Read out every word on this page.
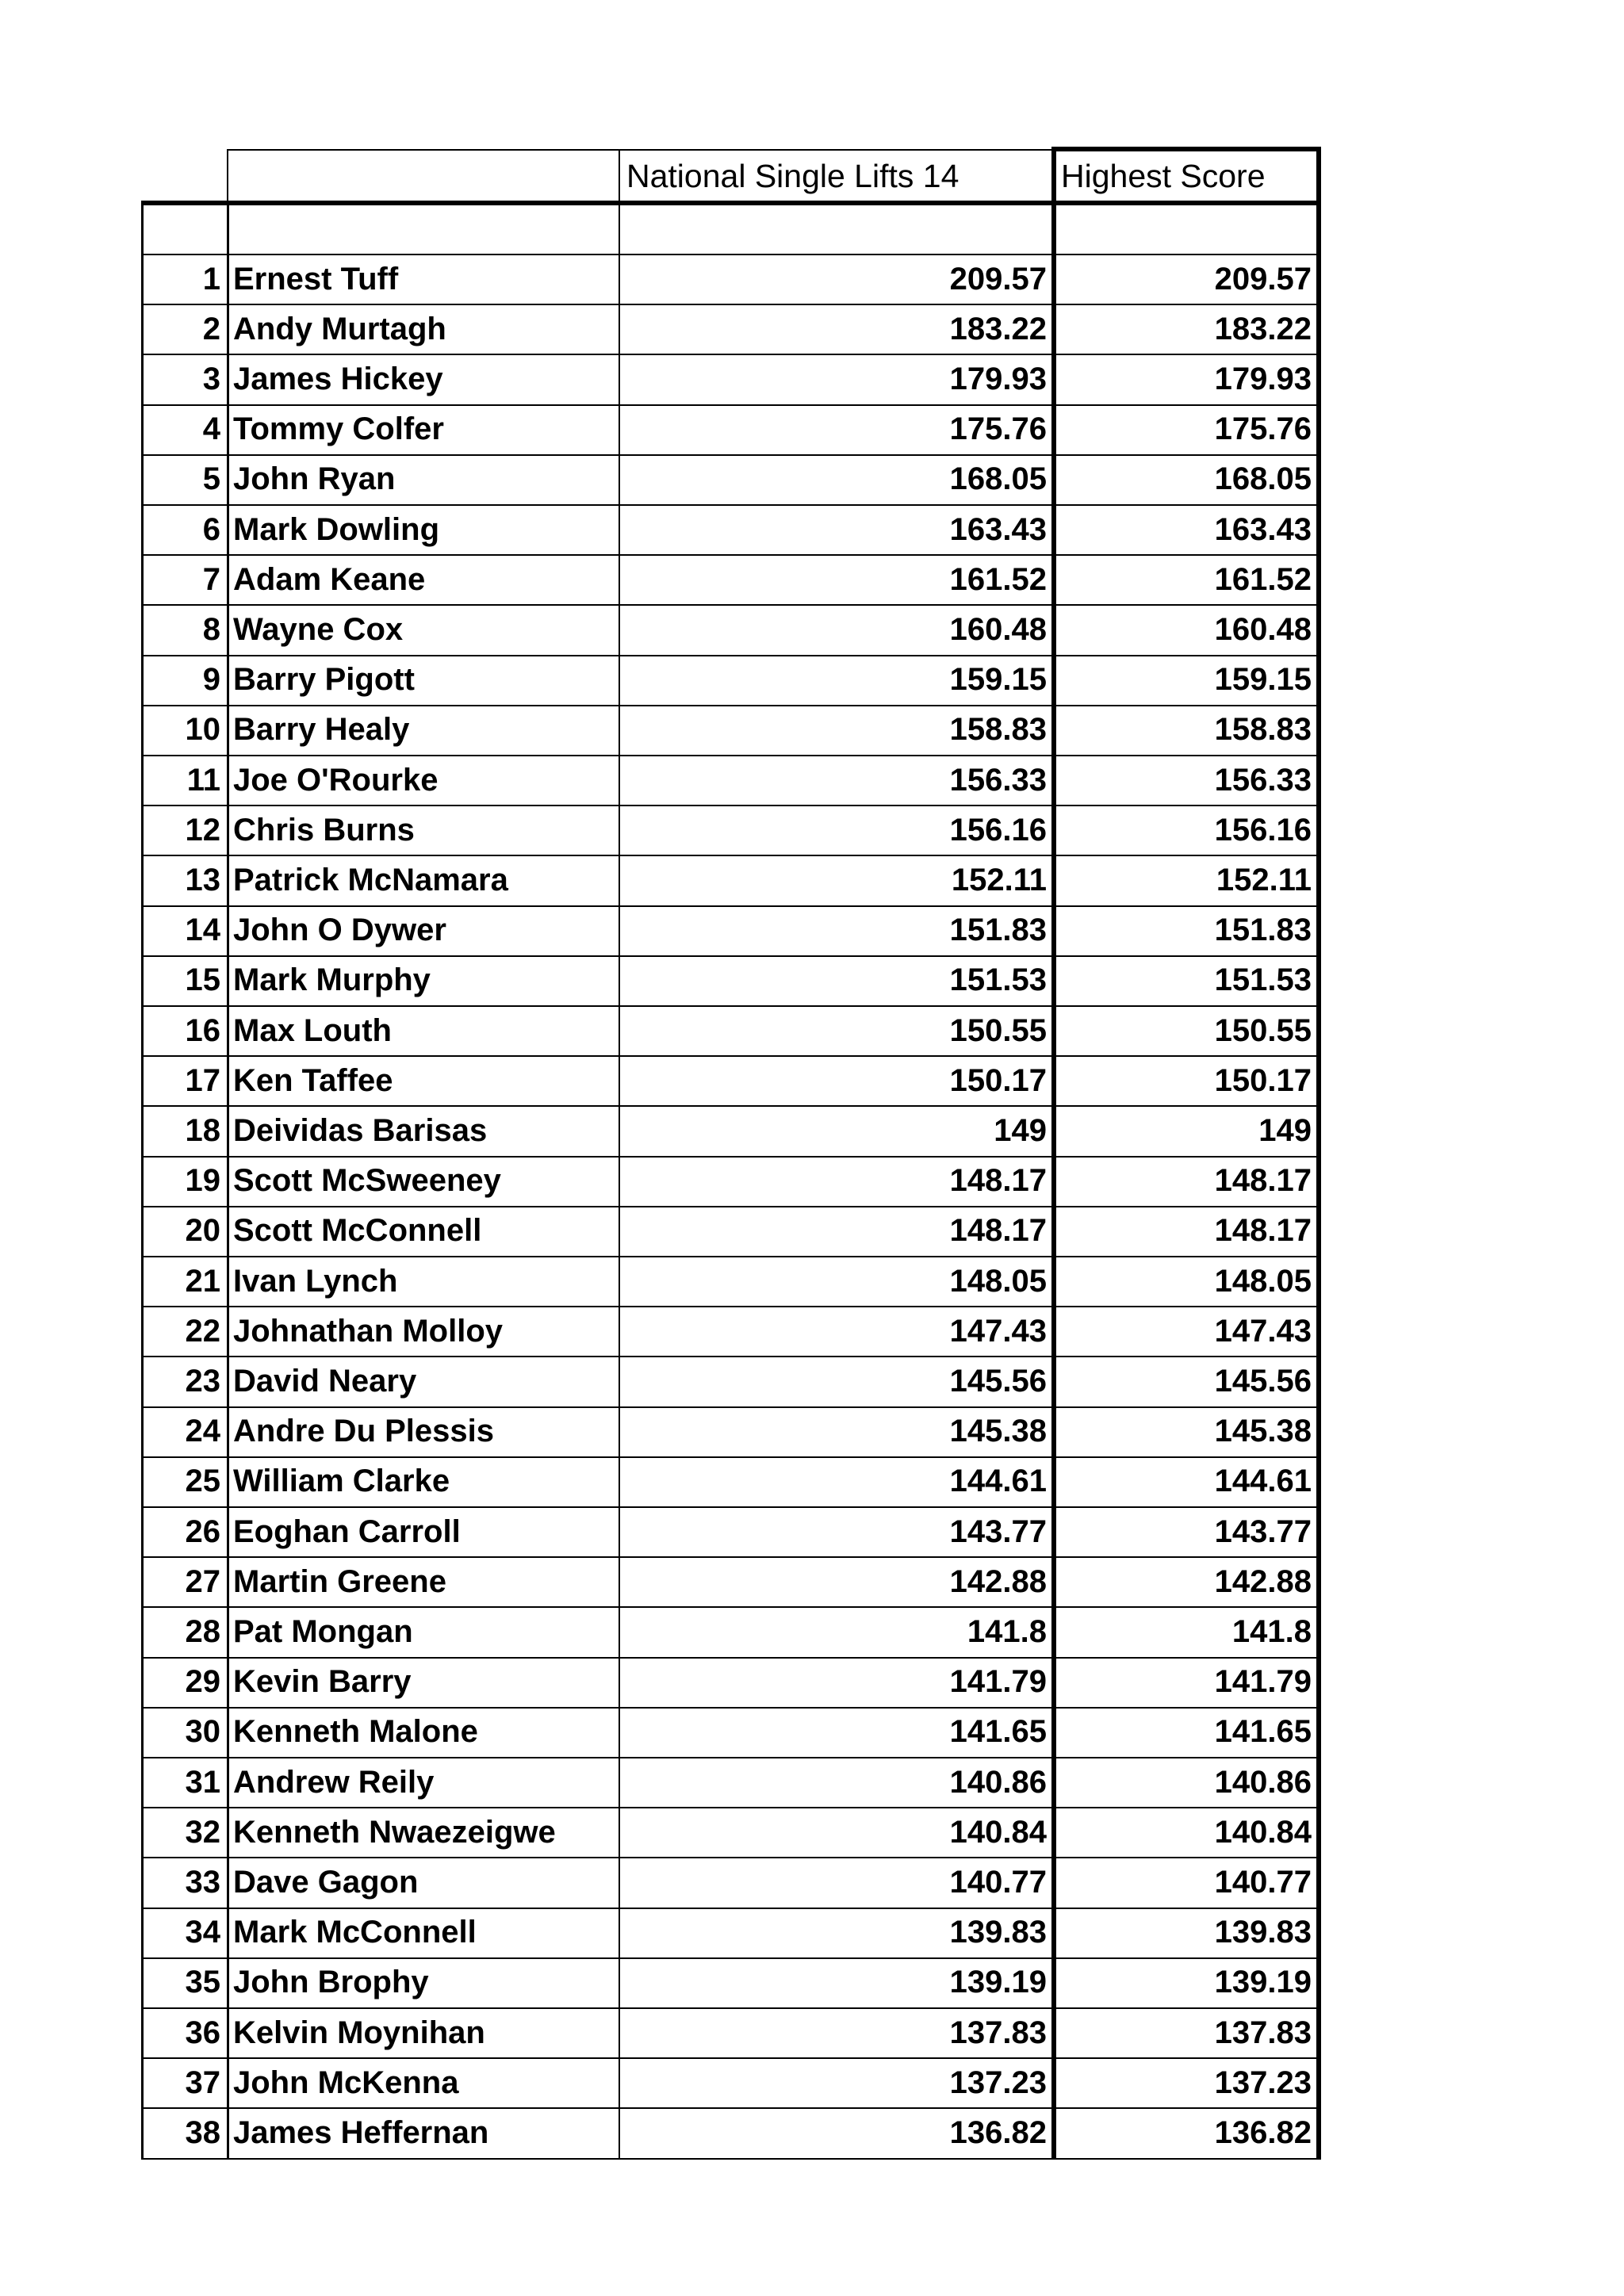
National Single Lifts 14	Highest Score
1 Ernest Tuff	209.57	209.57
2 Andy Murtagh	183.22	183.22
3 James Hickey	179.93	179.93
4 Tommy Colfer	175.76	175.76
5 John Ryan	168.05	168.05
6 Mark Dowling	163.43	163.43
7 Adam Keane	161.52	161.52
8 Wayne Cox	160.48	160.48
9 Barry Pigott	159.15	159.15
10 Barry Healy	158.83	158.83
11 Joe O'Rourke	156.33	156.33
12 Chris Burns	156.16	156.16
13 Patrick McNamara	152.11	152.11
14 John O Dywer	151.83	151.83
15 Mark Murphy	151.53	151.53
16 Max Louth	150.55	150.55
17 Ken Taffee	150.17	150.17
18 Deividas Barisas	149	149
19 Scott McSweeney	148.17	148.17
20 Scott McConnell	148.17	148.17
21 Ivan Lynch	148.05	148.05
22 Johnathan Molloy	147.43	147.43
23 David Neary	145.56	145.56
24 Andre Du Plessis	145.38	145.38
25 William Clarke	144.61	144.61
26 Eoghan Carroll	143.77	143.77
27 Martin Greene	142.88	142.88
28 Pat Mongan	141.8	141.8
29 Kevin Barry	141.79	141.79
30 Kenneth Malone	141.65	141.65
31 Andrew Reily	140.86	140.86
32 Kenneth Nwaezeigwe	140.84	140.84
33 Dave Gagon	140.77	140.77
34 Mark McConnell	139.83	139.83
35 John Brophy	139.19	139.19
36 Kelvin Moynihan	137.83	137.83
37 John McKenna	137.23	137.23
38 James Heffernan	136.82	136.82
